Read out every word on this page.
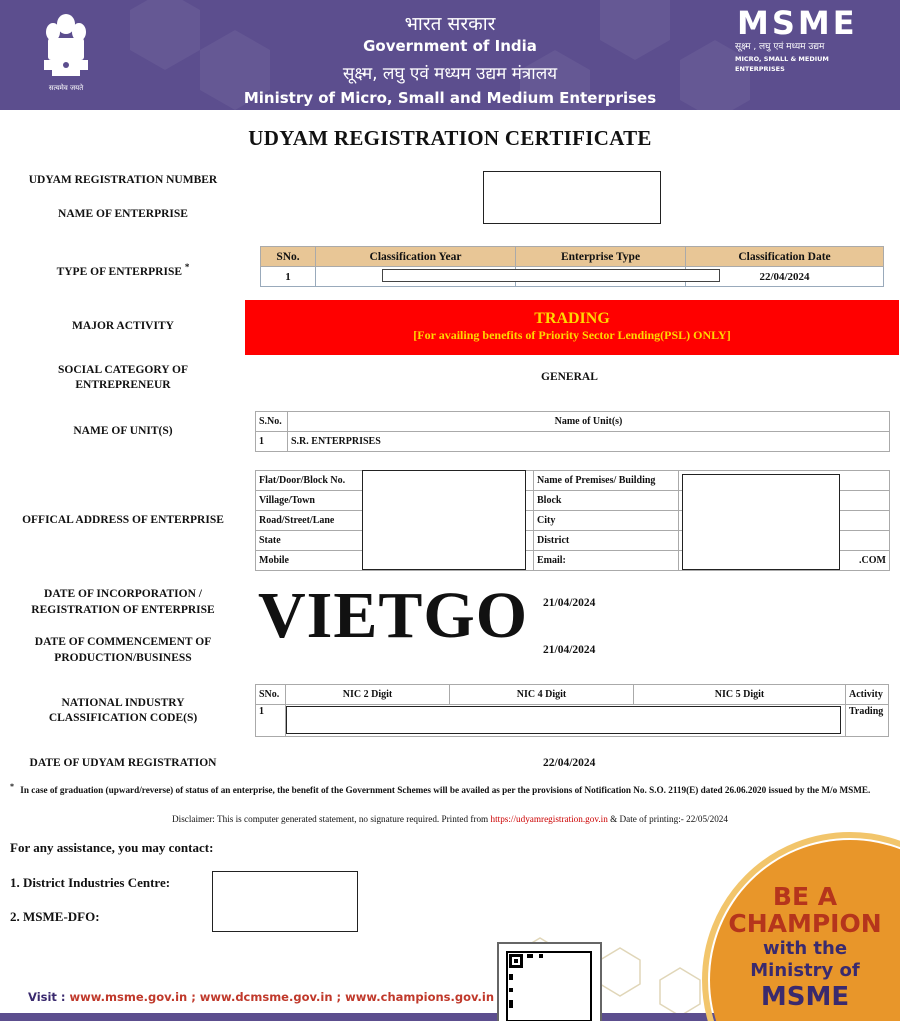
सत्यमेव जयते
भारत सरकार
Government of India
सूक्ष्म, लघु एवं मध्यम उद्यम मंत्रालय
Ministry of Micro, Small and Medium Enterprises
MSME
सूक्ष्म , लघु एवं मध्यम उद्यम
MICRO, SMALL & MEDIUM ENTERPRISES
UDYAM REGISTRATION CERTIFICATE
UDYAM REGISTRATION NUMBER
NAME OF ENTERPRISE
TYPE OF ENTERPRISE *
SNo.	Classification Year	Enterprise Type	Classification Date
1			22/04/2024
MAJOR ACTIVITY	TRADING
[For availing benefits of Priority Sector Lending(PSL) ONLY]
SOCIAL CATEGORY OF
ENTREPRENEUR
GENERAL
NAME OF UNIT(S)
S.No.	Name of Unit(s)
1	S.R. ENTERPRISES
OFFICAL ADDRESS OF ENTERPRISE
Flat/Door/Block No.		Name of Premises/ Building	
Village/Town		Block	
Road/Street/Lane		City	
State		District	
Mobile		Email:	.COM
DATE OF INCORPORATION /
REGISTRATION OF ENTERPRISE
21/04/2024
VIETGO
DATE OF COMMENCEMENT OF
PRODUCTION/BUSINESS
21/04/2024
NATIONAL INDUSTRY
CLASSIFICATION CODE(S)
SNo.	NIC 2 Digit	NIC 4 Digit	NIC 5 Digit	Activity
1				Trading
DATE OF UDYAM REGISTRATION	22/04/2024
* In case of graduation (upward/reverse) of status of an enterprise, the benefit of the Government Schemes will be availed as per the provisions of Notification No. S.O. 2119(E) dated 26.06.2020 issued by the M/o MSME.
Disclaimer: This is computer generated statement, no signature required. Printed from https://udyamregistration.gov.in & Date of printing:- 22/05/2024
For any assistance, you may contact:
1. District Industries Centre:
2. MSME-DFO:
Visit : www.msme.gov.in ; www.dcmsme.gov.in ; www.champions.gov.in
BE A
CHAMPION
with the
Ministry of
MSME
